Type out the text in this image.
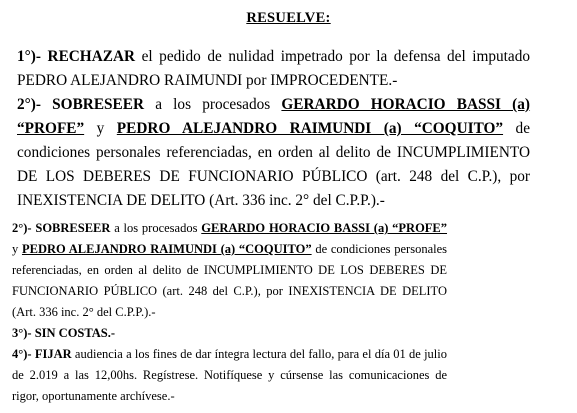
RESUELVE:

1°)- RECHAZAR el pedido de nulidad impetrado por la defensa del imputado PEDRO ALEJANDRO RAIMUNDI por IMPROCEDENTE.-

2°)- SOBRESEER a los procesados GERARDO HORACIO BASSI (a) “PROFE” y PEDRO ALEJANDRO RAIMUNDI (a) “COQUITO” de condiciones personales referenciadas, en orden al delito de INCUMPLIMIENTO DE LOS DEBERES DE FUNCIONARIO PÚBLICO (art. 248 del C.P.), por INEXISTENCIA DE DELITO (Art. 336 inc. 2° del C.P.P.).-

2°)- SOBRESEER a los procesados GERARDO HORACIO BASSI (a) “PROFE” y PEDRO ALEJANDRO RAIMUNDI (a) “COQUITO” de condiciones personales referenciadas, en orden al delito de INCUMPLIMIENTO DE LOS DEBERES DE FUNCIONARIO PÚBLICO (art. 248 del C.P.), por INEXISTENCIA DE DELITO (Art. 336 inc. 2° del C.P.P.).-

3°)- SIN COSTAS.-

4°)- FIJAR audiencia a los fines de dar íntegra lectura del fallo, para el día 01 de julio de 2.019 a las 12,00hs. Regístrese. Notifíquese y cúrsense las comunicaciones de rigor, oportunamente archívese.-
